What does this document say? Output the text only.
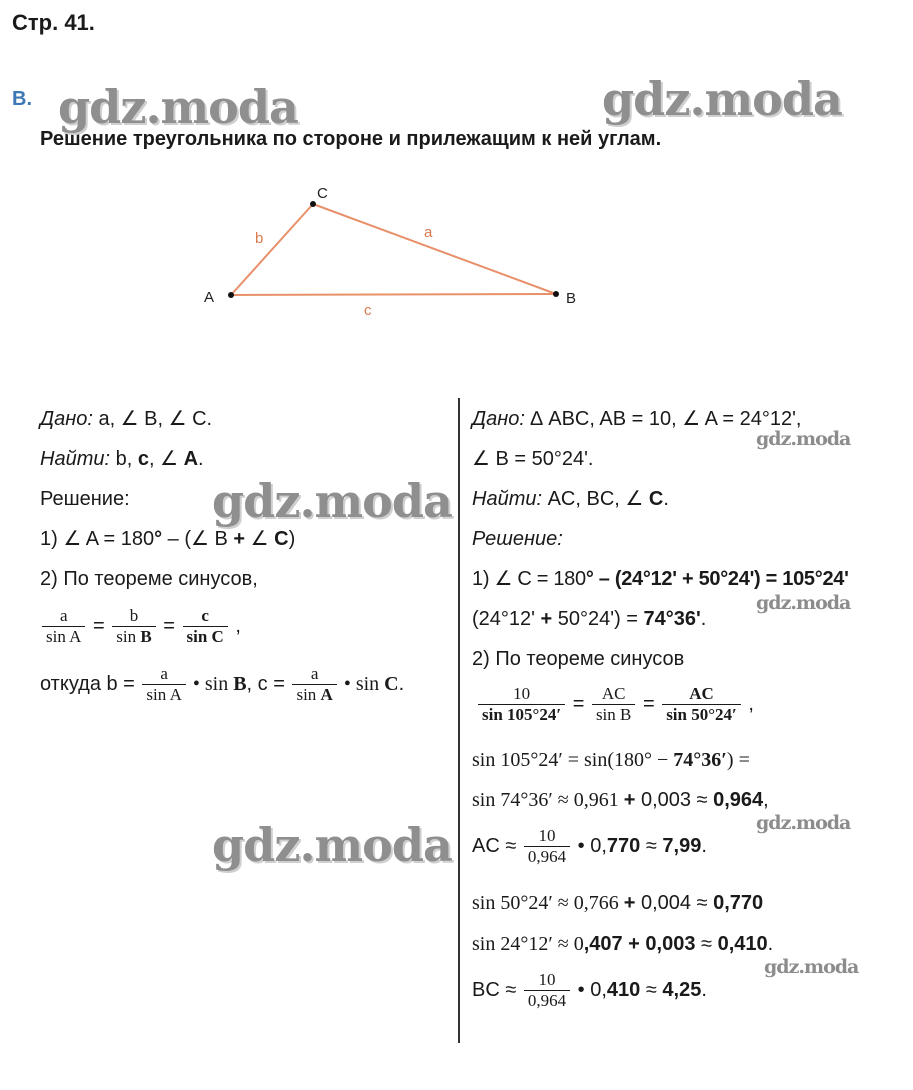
Стр. 41.
В.
Решение треугольника по стороне и прилежащим к ней углам.
gdz.moda	gdz.moda
gdz.moda
gdz.moda
gdz.moda
gdz.moda
gdz.moda
gdz.moda
A
C
B
b	a
c
Дано: a, ∠ B, ∠ C.
Найти: b, c, ∠ A.
Решение:
1) ∠ A = 180° – (∠ B + ∠ C)
2) По теореме синусов,
$\frac{a}{\text{sin A}} = \frac{b}{\text{sin B}} = \frac{c}{\text{sin C}}$ ,
откуда $b = \frac{a}{\text{sin A}}$ • sin B, $c = \frac{a}{\text{sin A}}$ • sin C.
Дано: ∆ ABC, AB = 10, ∠ A = 24°12',
∠ B = 50°24'.
Найти: AC, BC, ∠ C.
Решение:
1) ∠ C = 180° – (24°12' + 50°24') = 105°24'
(24°12' + 50°24') = 74°36'.
2) По теореме синусов
$\frac{10}{\sin 105^\circ 24'} = \frac{AC}{\text{sin B}} = \frac{AC}{\sin 50^\circ 24'}$ ,
sin 105°24′ = sin(180° − 74°36′) =
sin 74°36′ ≈ 0,961 + 0,003 ≈ 0,964,
AC ≈ $\frac{10}{0,964}$ • 0,770 ≈ 7,99.
sin 50°24′ ≈ 0,766 + 0,004 ≈ 0,770
sin 24°12′ ≈ 0,407 + 0,003 ≈ 0,410.
BC ≈ $\frac{10}{0,964}$ • 0,410 ≈ 4,25.
